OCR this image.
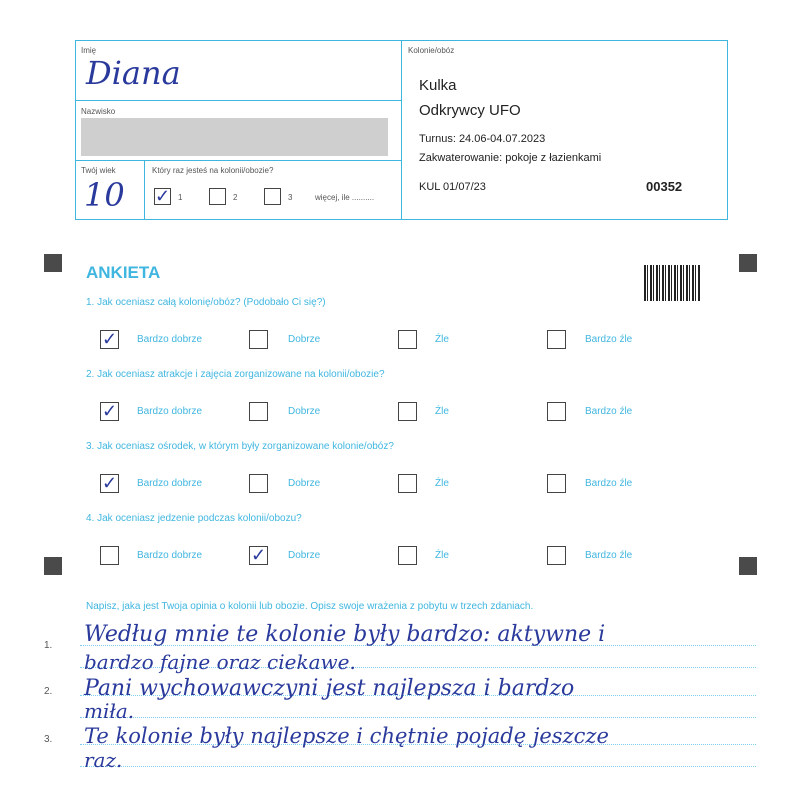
Imię
Diana
Nazwisko
Twój wiek
10
Który raz jesteś na kolonii/obozie?
✓ 1	2	3	więcej, ile ..........
Kolonie/obóz
Kulka
Odkrywcy UFO
Turnus: 24.06-04.07.2023
Zakwaterowanie: pokoje z łazienkami
KUL 01/07/23	00352
ANKIETA
1. Jak oceniasz całą kolonię/obóz? (Podobało Ci się?)
✓ Bardzo dobrze	Dobrze	Źle	Bardzo źle
2. Jak oceniasz atrakcje i zajęcia zorganizowane na kolonii/obozie?
✓ Bardzo dobrze	Dobrze	Źle	Bardzo źle
3. Jak oceniasz ośrodek, w którym były zorganizowane kolonie/obóz?
✓ Bardzo dobrze	Dobrze	Źle	Bardzo źle
4. Jak oceniasz jedzenie podczas kolonii/obozu?
Bardzo dobrze	✓ Dobrze	Źle	Bardzo źle
Napisz, jaka jest Twoja opinia o kolonii lub obozie. Opisz swoje wrażenia z pobytu w trzech zdaniach.
1.
2.
3.
Według mnie te kolonie były bardzo: aktywne i
bardzo fajne oraz ciekawe.
Pani wychowawczyni jest najlepsza i bardzo
miła.
Te kolonie były najlepsze i chętnie pojadę jeszcze
raz.
